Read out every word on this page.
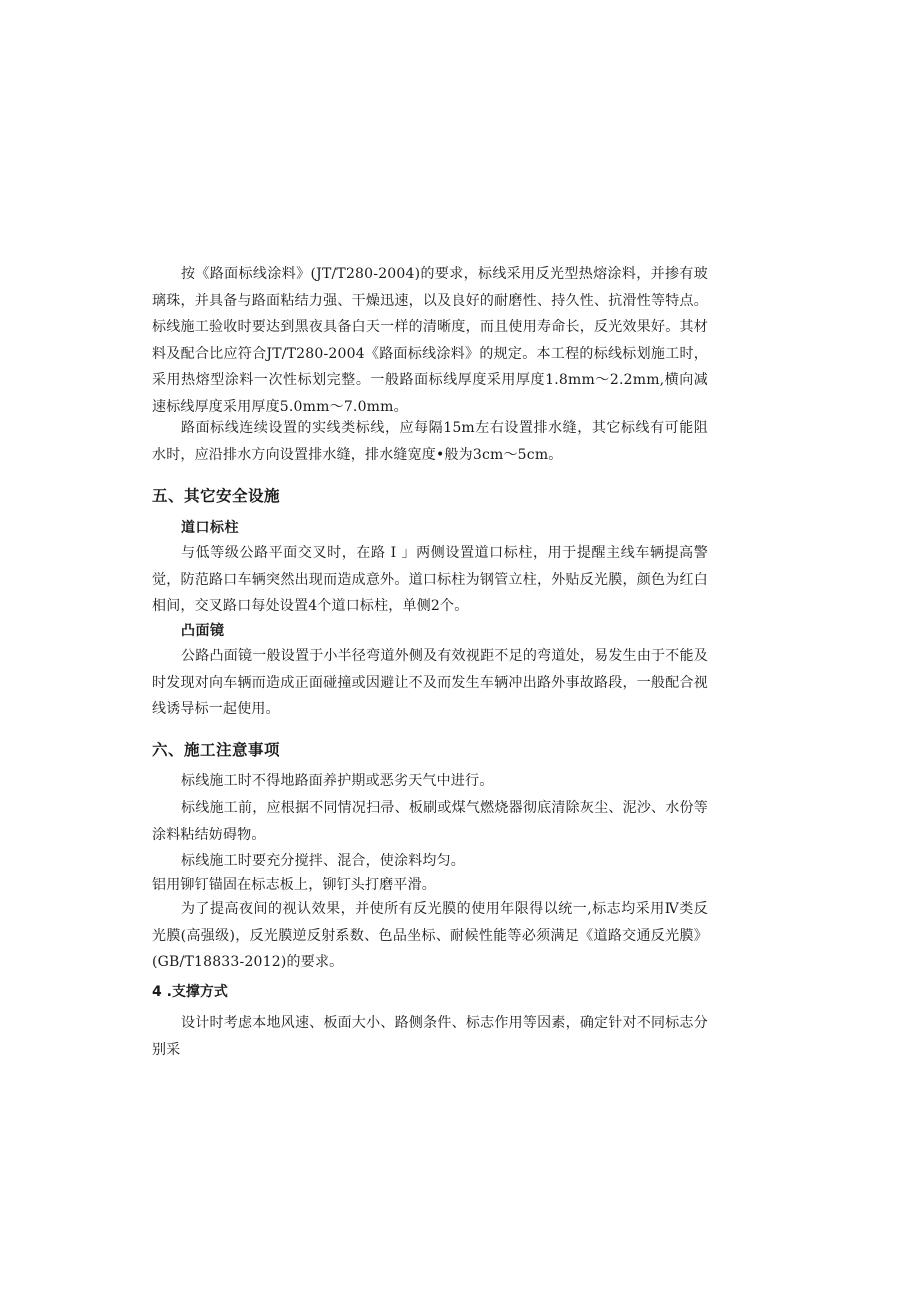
按《路面标线涂料》(JT/T280-2004)的要求，标线采用反光型热熔涂料，并掺有玻璃珠，并具备与路面粘结力强、干燥迅速，以及良好的耐磨性、持久性、抗滑性等特点。标线施工验收时要达到黑夜具备白天一样的清晰度，而且使用寿命长，反光效果好。其材料及配合比应符合JT/T280-2004《路面标线涂料》的规定。本工程的标线标划施工时，采用热熔型涂料一次性标划完整。一般路面标线厚度采用厚度1.8mm～2.2mm,横向减速标线厚度采用厚度5.0mm～7.0mm。

路面标线连续设置的实线类标线，应每隔15m左右设置排水缝，其它标线有可能阻水时，应沿排水方向设置排水缝，排水缝宽度•般为3cm～5cm。

五、其它安全设施
道口标柱

与低等级公路平面交叉时，在路 I 」两侧设置道口标柱，用于提醒主线车辆提高警觉，防范路口车辆突然出现而造成意外。道口标柱为钢管立柱，外贴反光膜，颜色为红白相间，交叉路口每处设置4个道口标柱，单侧2个。

凸面镜

公路凸面镜一般设置于小半径弯道外侧及有效视距不足的弯道处，易发生由于不能及时发现对向车辆而造成正面碰撞或因避让不及而发生车辆冲出路外事故路段，一般配合视线诱导标一起使用。

六、施工注意事项

标线施工时不得地路面养护期或恶劣天气中进行。

标线施工前，应根据不同情况扫帚、板刷或煤气燃烧器彻底清除灰尘、泥沙、水份等涂料粘结妨碍物。

标线施工时要充分搅拌、混合，使涂料均匀。

铝用铆钉锚固在标志板上，铆钉头打磨平滑。

为了提高夜间的视认效果，并使所有反光膜的使用年限得以统一,标志均采用Ⅳ类反光膜(高强级)，反光膜逆反射系数、色品坐标、耐候性能等必须满足《道路交通反光膜》(GB/T18833-2012)的要求。

4 .支撑方式

设计时考虑本地风速、板面大小、路侧条件、标志作用等因素，确定针对不同标志分别采
